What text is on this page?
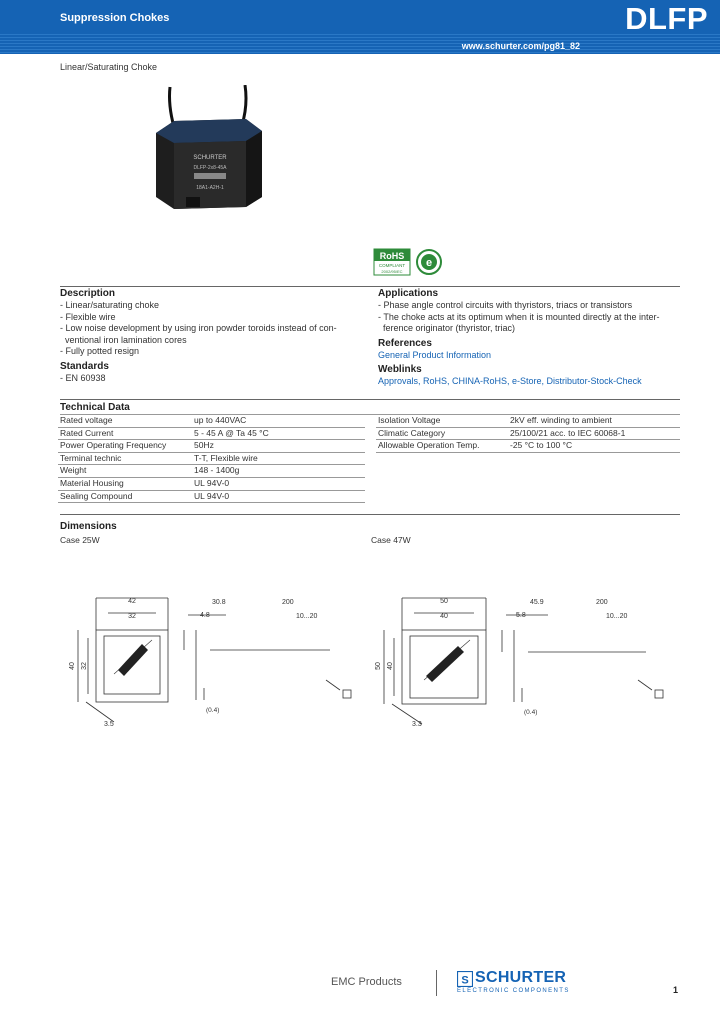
Suppression Chokes	DLFP
www.schurter.com/pg81_82
Linear/Saturating Choke
SCHURTER
DLFP-2x8-45A
18A1-A2H-1
RoHS
COMPLIANT
2002/95/EC
e
Description
- Linear/saturating choke
- Flexible wire
- Low noise development by using iron powder toroids instead of con-
ventional iron lamination cores
- Fully potted resign
Standards
- EN 60938
Applications
- Phase angle control circuits with thyristors, triacs or transistors
- The choke acts at its optimum when it is mounted directly at the inter-
ference originator (thyristor, triac)
References
General Product Information
Weblinks
Approvals, RoHS, CHINA-RoHS, e-Store, Distributor-Stock-Check
Technical Data
Rated voltage	up to 440VAC
Rated Current	5 - 45 A @ Ta 45 °C
Power Operating Frequency	50Hz
Terminal technic	T-T, Flexible wire
Weight	148 - 1400g
Material Housing	UL 94V-0
Sealing Compound	UL 94V-0
Isolation Voltage	2kV eff. winding to ambient
Climatic Category	25/100/21 acc. to IEC 60068-1
Allowable Operation Temp.	-25 °C to 100 °C
Dimensions
Case 25W	Case 47W
42
32
40 32
3.5
30.8
4.8
200
10...20
(0.4)
50
40
50 40
3.3
45.9
5.8
200
10...20
(0.4)
EMC Products	S SCHURTER
ELECTRONIC COMPONENTS	1
